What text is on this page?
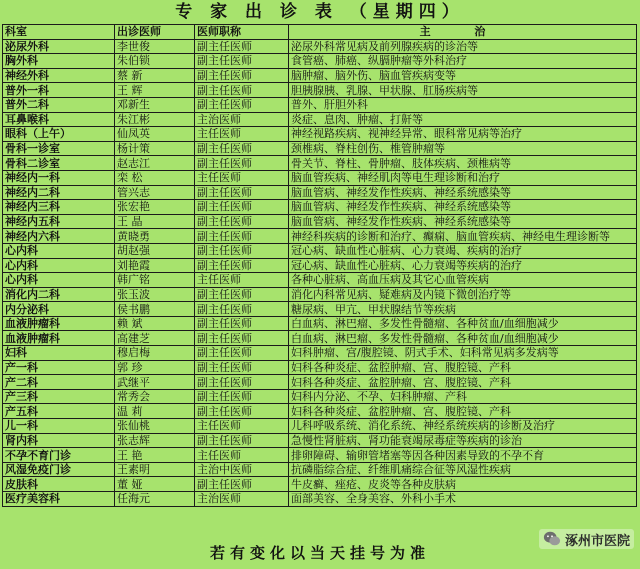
专 家 出 诊 表 （星期四）
科室	出诊医师	医师职称	主 治
泌尿外科	李世俊	副主任医师	泌尿外科常见病及前列腺疾病的诊治等
胸外科	朱伯锁	副主任医师	食管癌、肺癌、纵膈肿瘤等外科治疗
神经外科	蔡 新	副主任医师	脑肿瘤、脑外伤、脑血管疾病变等
普外一科	王 辉	副主任医师	胆胰腺胰、乳腺、甲状腺、肛肠疾病等
普外二科	邓新生	副主任医师	普外、肝胆外科
耳鼻喉科	朱江彬	主治医师	炎症、息肉、肿瘤、打鼾等
眼科（上午）	仙凤英	主任医师	神经视路疾病、视神经异常、眼科常见病等治疗
骨科一诊室	杨计策	副主任医师	颈椎病、脊柱创伤、椎管肿瘤等
骨科二诊室	赵志江	副主任医师	骨关节、脊柱、骨肿瘤、肢体疾病、颈椎病等
神经内一科	栾 松	主任医师	脑血管疾病、神经肌肉等电生理诊断和治疗
神经内二科	管兴志	副主任医师	脑血管病、神经发作性疾病、神经系统感染等
神经内三科	张宏艳	副主任医师	脑血管病、神经发作性疾病、神经系统感染等
神经内五科	王 晶	副主任医师	脑血管病、神经发作性疾病、神经系统感染等
神经内六科	黄晓勇	副主任医师	神经科疾病的诊断和治疗、癫痫、脑血管疾病、神经电生理诊断等
心内科	胡赵强	副主任医师	冠心病、缺血性心脏病、心力衰竭、疾病的治疗
心内科	刘艳霞	副主任医师	冠心病、缺血性心脏病、心力衰竭等疾病的治疗
心内科	韩广铭	主任医师	各种心脏病、高血压病及其它心血管疾病
消化内二科	张玉波	副主任医师	消化内科常见病、疑难病及内镜下微创治疗等
内分泌科	侯书鹏	副主任医师	糖尿病、甲亢、甲状腺结节等疾病
血液肿瘤科	赖 斌	副主任医师	白血病、淋巴瘤、多发性骨髓瘤、各种贫血/血细胞减少
血液肿瘤科	高建芝	副主任医师	白血病、淋巴瘤、多发性骨髓瘤、各种贫血/血细胞减少
妇科	穆启梅	副主任医师	妇科肿瘤、宫/腹腔镜、阴式手术、妇科常见病多发病等
产一科	郭 珍	副主任医师	妇科各种炎症、盆腔肿瘤、宫、腹腔镜、产科
产二科	武继平	副主任医师	妇科各种炎症、盆腔肿瘤、宫、腹腔镜、产科
产三科	常秀会	副主任医师	妇科内分泌、不孕、妇科肿瘤、产科
产五科	温 莉	副主任医师	妇科各种炎症、盆腔肿瘤、宫、腹腔镜、产科
儿一科	张仙桃	主任医师	儿科呼吸系统、消化系统、神经系统疾病的诊断及治疗
肾内科	张志辉	副主任医师	急慢性肾脏病、肾功能衰竭尿毒症等疾病的诊治
不孕不育门诊	王 艳	主任医师	排卵障碍、输卵管堵塞等因各种因素导致的不孕不育
风湿免疫门诊	王素明	主治中医师	抗磷脂综合症、纤维肌痛综合征等风湿性疾病
皮肤科	董 娅	副主任医师	牛皮癣、痤疮、皮炎等各种皮肤病
医疗美容科	任海元	主治医师	面部美容、全身美容、外科小手术
若有变化以当天挂号为准
涿州市医院
